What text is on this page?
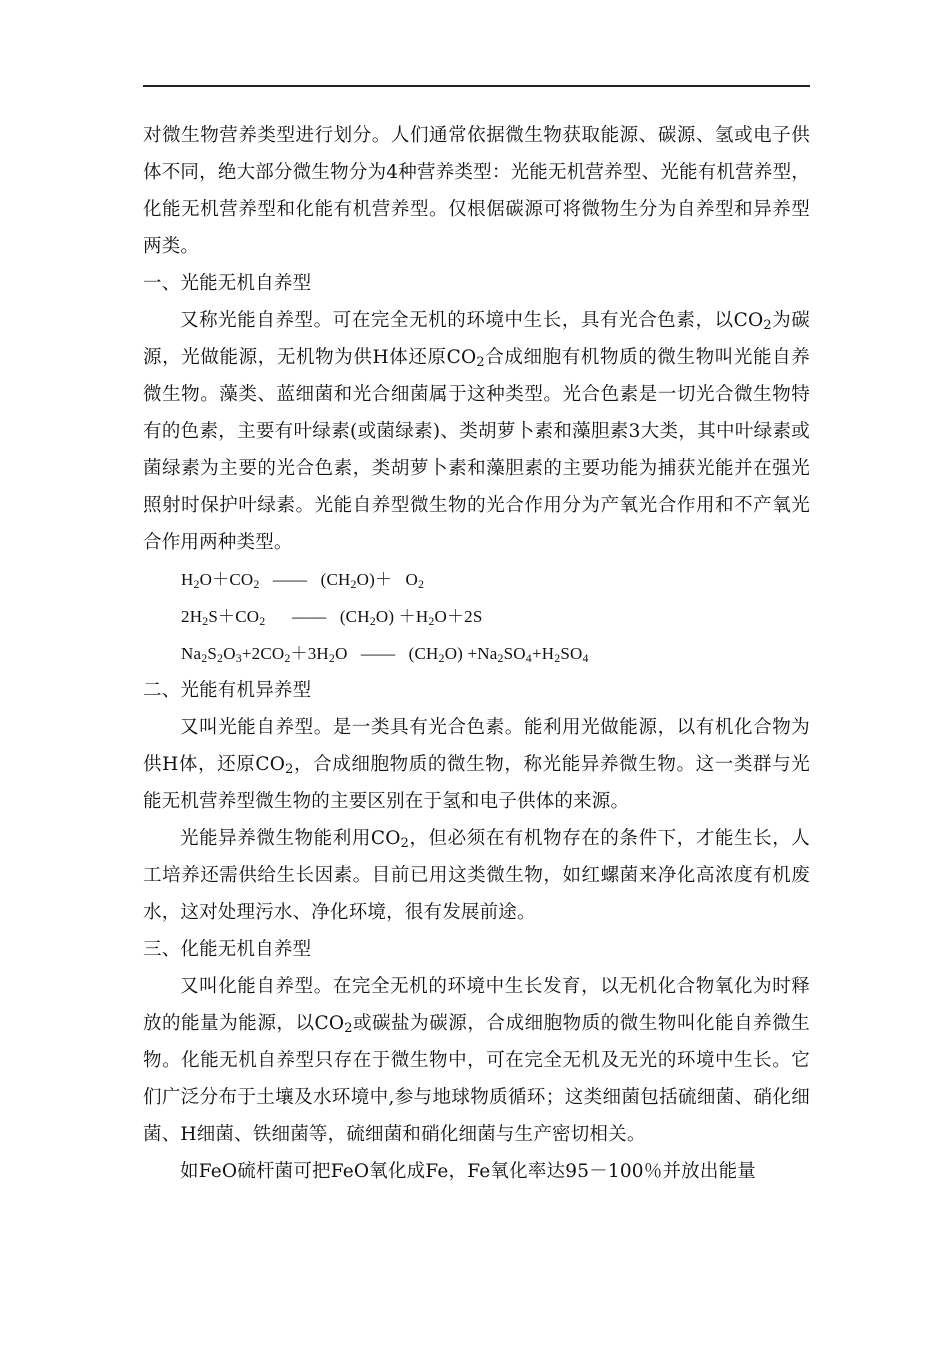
对微生物营养类型进行划分。人们通常依据微生物获取能源、碳源、氢或电子供体不同，绝大部分微生物分为4种营养类型：光能无机营养型、光能有机营养型，化能无机营养型和化能有机营养型。仅根倨碳源可将微物生分为自养型和异养型两类。

一、光能无机自养型

又称光能自养型。可在完全无机的环境中生长，具有光合色素，以$CO_2$为碳源，光做能源，无机物为供H体还原$CO_2$合成细胞有机物质的微生物叫光能自养微生物。藻类、蓝细菌和光合细菌属于这种类型。光合色素是一切光合微生物特有的色素，主要有叶绿素(或菌绿素)、类胡萝卜素和藻胆素3大类，其中叶绿素或菌绿素为主要的光合色素，类胡萝卜素和藻胆素的主要功能为捕获光能并在强光照射时保护叶绿素。光能自养型微生物的光合作用分为产氧光合作用和不产氧光合作用两种类型。

$H_2O+CO_2$   ——   $(CH_2O)+ O_2$

$2H_2S+CO_2$      ——   $(CH_2O) +H_2O+2S$

$Na_2S_2O_3+2CO_2+3H_2O$   ——   $(CH_2O) +Na_2SO_4+H_2SO_4$

二、光能有机异养型

又叫光能自养型。是一类具有光合色素。能利用光做能源，以有机化合物为供H体，还原$CO_2$，合成细胞物质的微生物，称光能异养微生物。这一类群与光能无机营养型微生物的主要区别在于氢和电子供体的来源。

光能异养微生物能利用$CO_2$，但必须在有机物存在的条件下，才能生长，人工培养还需供给生长因素。目前已用这类微生物，如红螺菌来净化高浓度有机废水，这对处理污水、净化环境，很有发展前途。

三、化能无机自养型

又叫化能自养型。在完全无机的环境中生长发育，以无机化合物氧化为时释放的能量为能源，以$CO_2$或碳盐为碳源，合成细胞物质的微生物叫化能自养微生物。化能无机自养型只存在于微生物中，可在完全无机及无光的环境中生长。它们广泛分布于土壤及水环境中,参与地球物质循环；这类细菌包括硫细菌、硝化细菌、H细菌、铁细菌等，硫细菌和硝化细菌与生产密切相关。

如FeO硫杆菌可把FeO氧化成Fe，Fe氧化率达95－100％并放出能量
